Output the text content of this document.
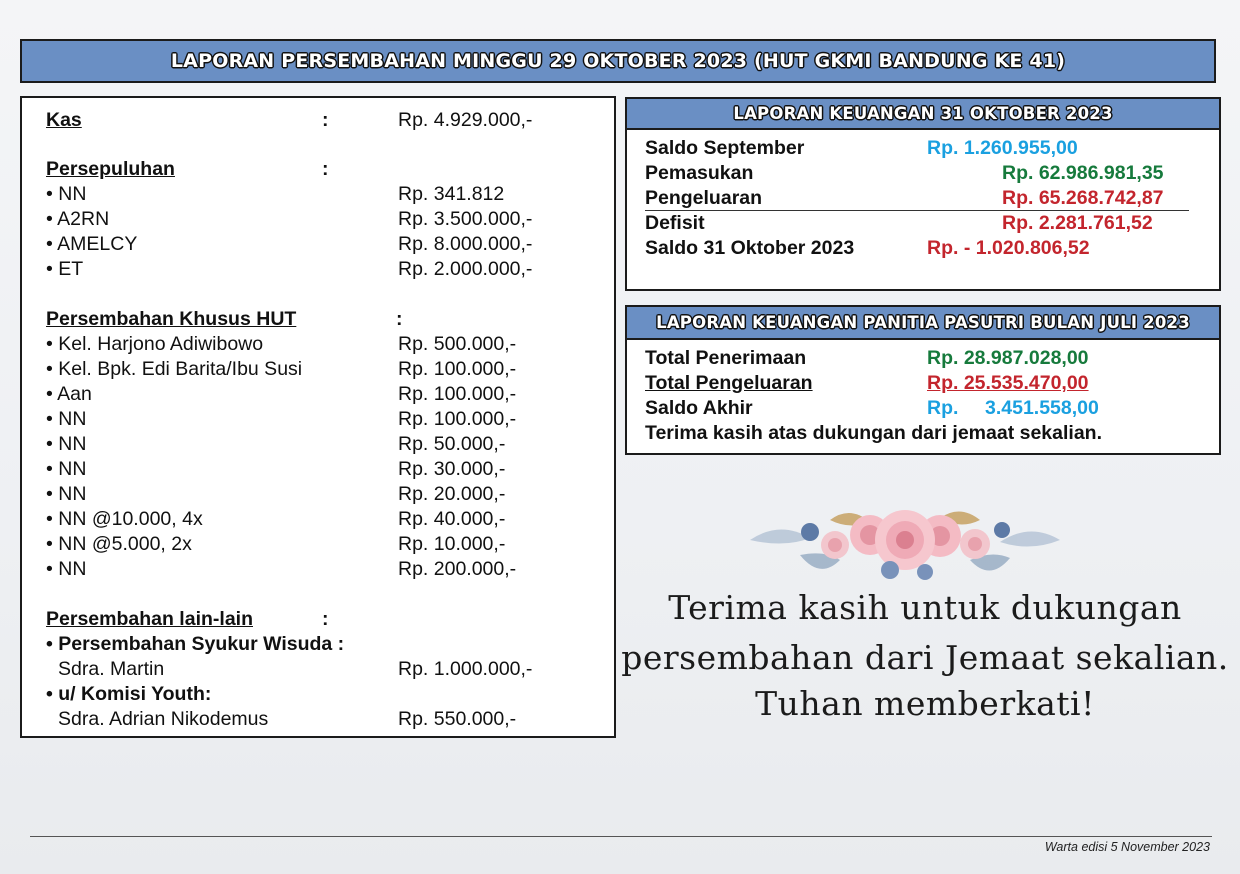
LAPORAN PERSEMBAHAN MINGGU 29 OKTOBER 2023 (HUT GKMI BANDUNG KE 41)
Kas	:	Rp. 4.929.000,-
Persepuluhan	:
• NN	Rp. 341.812
• A2RN	Rp. 3.500.000,-
• AMELCY	Rp. 8.000.000,-
• ET	Rp. 2.000.000,-
Persembahan Khusus HUT	:
• Kel. Harjono Adiwibowo	Rp. 500.000,-
• Kel. Bpk. Edi Barita/Ibu Susi	Rp. 100.000,-
• Aan	Rp. 100.000,-
• NN	Rp. 100.000,-
• NN	Rp. 50.000,-
• NN	Rp. 30.000,-
• NN	Rp. 20.000,-
• NN @10.000, 4x	Rp. 40.000,-
• NN @5.000, 2x	Rp. 10.000,-
• NN	Rp. 200.000,-
Persembahan lain-lain	:
• Persembahan Syukur Wisuda :
Sdra. Martin	Rp. 1.000.000,-
• u/ Komisi Youth:
Sdra. Adrian Nikodemus	Rp. 550.000,-
LAPORAN KEUANGAN 31 OKTOBER 2023
Saldo September	Rp. 1.260.955,00
Pemasukan	Rp. 62.986.981,35
Pengeluaran	Rp. 65.268.742,87
Defisit	Rp. 2.281.761,52
Saldo 31 Oktober 2023	Rp. - 1.020.806,52
LAPORAN KEUANGAN PANITIA PASUTRI BULAN JULI 2023
Total Penerimaan	Rp. 28.987.028,00
Total Pengeluaran	Rp. 25.535.470,00
Saldo Akhir	Rp. 3.451.558,00
Terima kasih atas dukungan dari jemaat sekalian.
Terima kasih untuk dukungan
persembahan dari Jemaat sekalian.
Tuhan memberkati!
Warta edisi 5 November 2023
